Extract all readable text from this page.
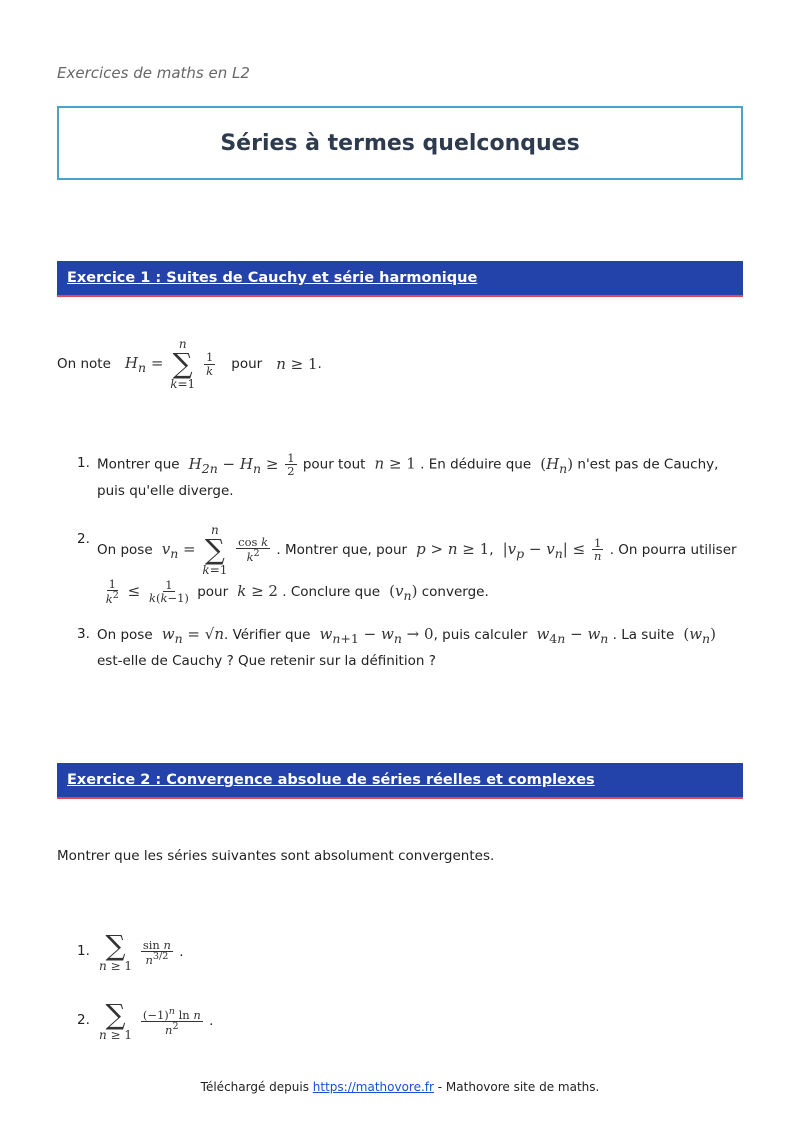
Exercices de maths en L2
Séries à termes quelconques
Exercice 1 : Suites de Cauchy et série harmonique
On note $H_n$ =
n
∑
k=1

$\frac{1}{k}$ pour n ≥ 1 .
1. Montrer que  $H_{2n} - H_n \ge \frac{1}{2}$ pour tout  n ≥ 1 . En déduire que $(H_n)$ n'est pas de Cauchy, puis qu'elle diverge.
2.
On pose  $v_n$ =
n
∑
k=1

$\frac{\text{cos k}}{k^2}$ . Montrer que, pour  p > n ≥ 1, $|v_p - v_n| \le \frac{1}{n}$ . On pourra utiliser
$\frac{1}{k^2} \le \frac{1}{k(k-1)}$ pour  k ≥ 2 . Conclure que $(v_n)$ converge.
3. On pose  $w_n = √n$. Vérifier que  $w_{n+1} - w_n \to 0$, puis calculer  $w_{4n} - w_n$ . La suite $(w_n)$ est-elle de Cauchy ? Que retenir sur la définition ?
Exercice 2 : Convergence absolue de séries réelles et complexes
Montrer que les séries suivantes sont absolument convergentes.
1. ∑
n ≥ 1

$\frac{\text{sin n}}{n^{3/2}}$ .
2. ∑
n ≥ 1
$\frac{(-1)^n \ln n}{n^2}$ .
Téléchargé depuis https://mathovore.fr - Mathovore site de maths.
